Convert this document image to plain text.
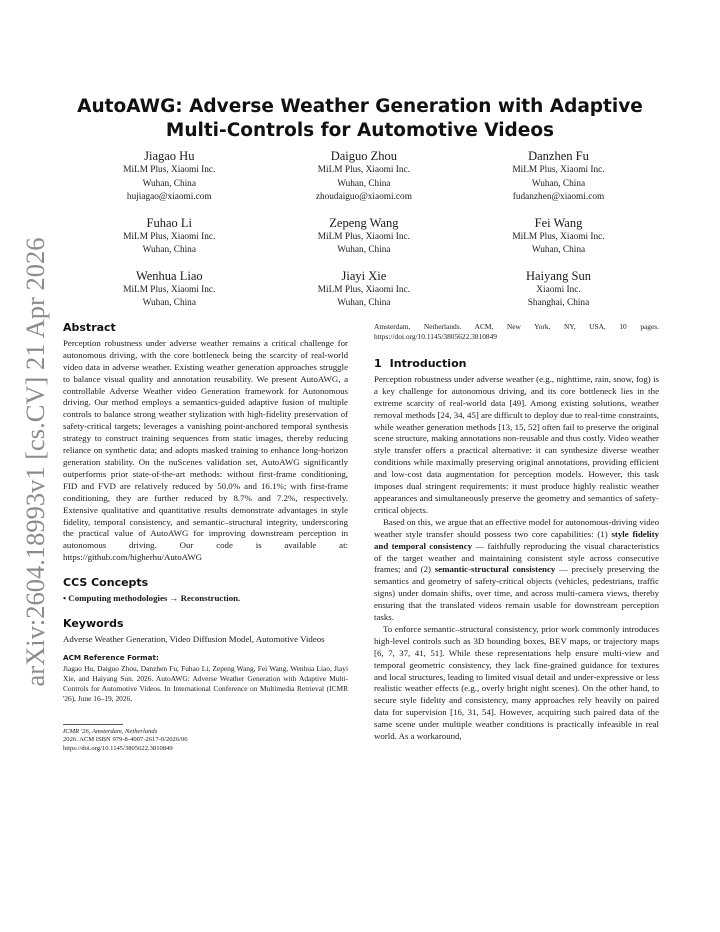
arXiv:2604.18993v1 [cs.CV] 21 Apr 2026
AutoAWG: Adverse Weather Generation with Adaptive
Multi-Controls for Automotive Videos
Jiagao Hu
MiLM Plus, Xiaomi Inc.
Wuhan, China
hujiagao@xiaomi.com
Daiguo Zhou
MiLM Plus, Xiaomi Inc.
Wuhan, China
zhoudaiguo@xiaomi.com
Danzhen Fu
MiLM Plus, Xiaomi Inc.
Wuhan, China
fudanzhen@xiaomi.com
Fuhao Li
MiLM Plus, Xiaomi Inc.
Wuhan, China
Zepeng Wang
MiLM Plus, Xiaomi Inc.
Wuhan, China
Fei Wang
MiLM Plus, Xiaomi Inc.
Wuhan, China
Wenhua Liao
MiLM Plus, Xiaomi Inc.
Wuhan, China
Jiayi Xie
MiLM Plus, Xiaomi Inc.
Wuhan, China
Haiyang Sun
Xiaomi Inc.
Shanghai, China
Abstract

Perception robustness under adverse weather remains a critical challenge for autonomous driving, with the core bottleneck being the scarcity of real-world video data in adverse weather. Existing weather generation approaches struggle to balance visual quality and annotation reusability. We present AutoAWG, a controllable Adverse Weather video Generation framework for Autonomous driving. Our method employs a semantics-guided adaptive fusion of multiple controls to balance strong weather stylization with high-fidelity preservation of safety-critical targets; leverages a vanishing point-anchored temporal synthesis strategy to construct training sequences from static images, thereby reducing reliance on synthetic data; and adopts masked training to enhance long-horizon generation stability. On the nuScenes validation set, AutoAWG significantly outperforms prior state-of-the-art methods: without first-frame conditioning, FID and FVD are relatively reduced by 50.0% and 16.1%; with first-frame conditioning, they are further reduced by 8.7% and 7.2%, respectively. Extensive qualitative and quantitative results demonstrate advantages in style fidelity, temporal consistency, and semantic–structural integrity, underscoring the practical value of AutoAWG for improving downstream perception in autonomous driving. Our code is available at: https://github.com/higherhu/AutoAWG

CCS Concepts
• Computing methodologies → Reconstruction.
Keywords

Adverse Weather Generation, Video Diffusion Model, Automotive Videos

ACM Reference Format:

Jiagao Hu, Daiguo Zhou, Danzhen Fu, Fuhao Li, Zepeng Wang, Fei Wang, Wenhua Liao, Jiayi Xie, and Haiyang Sun. 2026. AutoAWG: Adverse Weather Generation with Adaptive Multi-Controls for Automotive Videos. In International Conference on Multimedia Retrieval (ICMR '26), June 16–19, 2026,

ICMR '26, Amsterdam, Netherlands
2026. ACM ISBN 979-8-4007-2617-0/2026/06
https://doi.org/10.1145/3805622.3810849

Amsterdam, Netherlands. ACM, New York, NY, USA, 10 pages. https://doi.org/10.1145/3805622.3810849

1 Introduction

Perception robustness under adverse weather (e.g., nighttime, rain, snow, fog) is a key challenge for autonomous driving, and its core bottleneck lies in the extreme scarcity of real-world data [49]. Among existing solutions, weather removal methods [24, 34, 45] are difficult to deploy due to real-time constraints, while weather generation methods [13, 15, 52] often fail to preserve the original scene structure, making annotations non-reusable and thus costly. Video weather style transfer offers a practical alternative: it can synthesize diverse weather conditions while maximally preserving original annotations, providing efficient and low-cost data augmentation for perception models. However, this task imposes dual stringent requirements: it must produce highly realistic weather appearances and simultaneously preserve the geometry and semantics of safety-critical objects.

Based on this, we argue that an effective model for autonomous-driving video weather style transfer should possess two core capabilities: (1) style fidelity and temporal consistency — faithfully reproducing the visual characteristics of the target weather and maintaining consistent style across consecutive frames; and (2) semantic-structural consistency — precisely preserving the semantics and geometry of safety-critical objects (vehicles, pedestrians, traffic signs) under domain shifts, over time, and across multi-camera views, thereby ensuring that the translated videos remain usable for downstream perception tasks.

To enforce semantic–structural consistency, prior work commonly introduces high-level controls such as 3D bounding boxes, BEV maps, or trajectory maps [6, 7, 37, 41, 51]. While these representations help ensure multi-view and temporal geometric consistency, they lack fine-grained guidance for textures and local structures, leading to limited visual detail and under-expressive or less realistic weather effects (e.g., overly bright night scenes). On the other hand, to secure style fidelity and consistency, many approaches rely heavily on paired data for supervision [16, 31, 54]. However, acquiring such paired data of the same scene under multiple weather conditions is practically infeasible in real world. As a workaround,
